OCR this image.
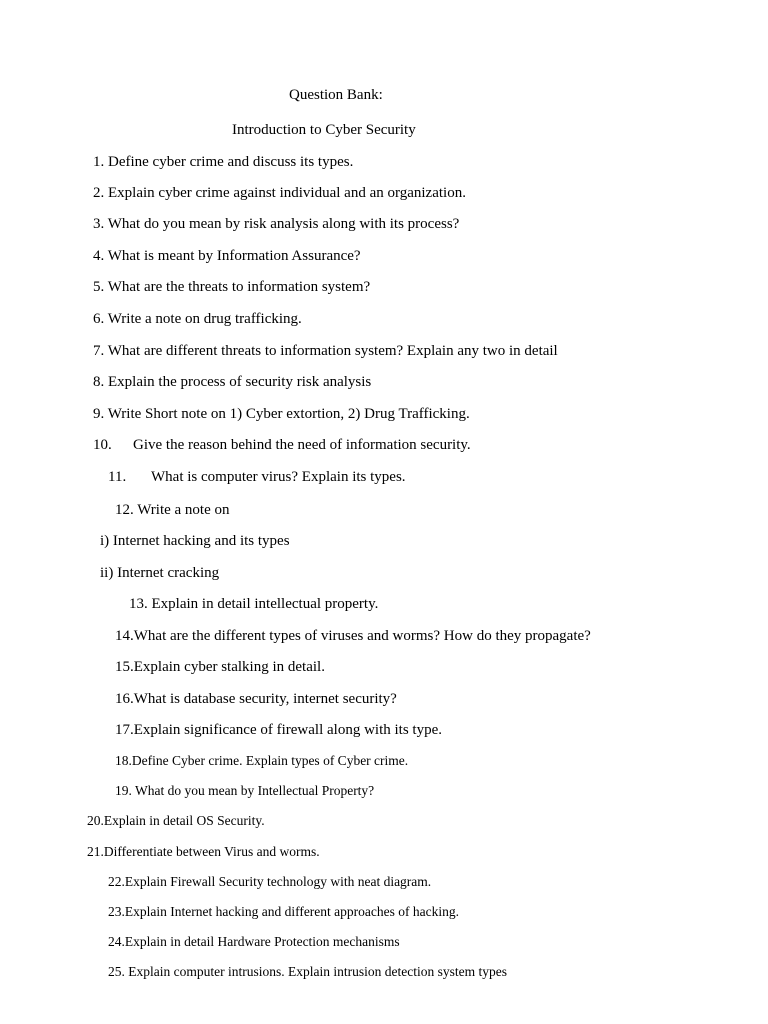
Question Bank:
Introduction to Cyber Security
1. Define cyber crime and discuss its types.
2. Explain cyber crime against individual and an organization.
3. What do you mean by risk analysis along with its process?
4. What is meant by Information Assurance?
5. What are the threats to information system?
6. Write a note on drug trafficking.
7. What are different threats to information system? Explain any two in detail
8. Explain the process of security risk analysis
9. Write Short note on 1) Cyber extortion, 2) Drug Trafficking.
10. Give the reason behind the need of information security.
11. What is computer virus? Explain its types.
12. Write a note on
i) Internet hacking and its types
ii) Internet cracking
13. Explain in detail intellectual property.
14.What are the different types of viruses and worms? How do they propagate?
15.Explain cyber stalking in detail.
16.What is database security, internet security?
17.Explain significance of firewall along with its type.
18.Define Cyber crime. Explain types of Cyber crime.
19. What do you mean by Intellectual Property?
20.Explain in detail OS Security.
21.Differentiate between Virus and worms.
22.Explain Firewall Security technology with neat diagram.
23.Explain Internet hacking and different approaches of hacking.
24.Explain in detail Hardware Protection mechanisms
25. Explain computer intrusions. Explain intrusion detection system types
